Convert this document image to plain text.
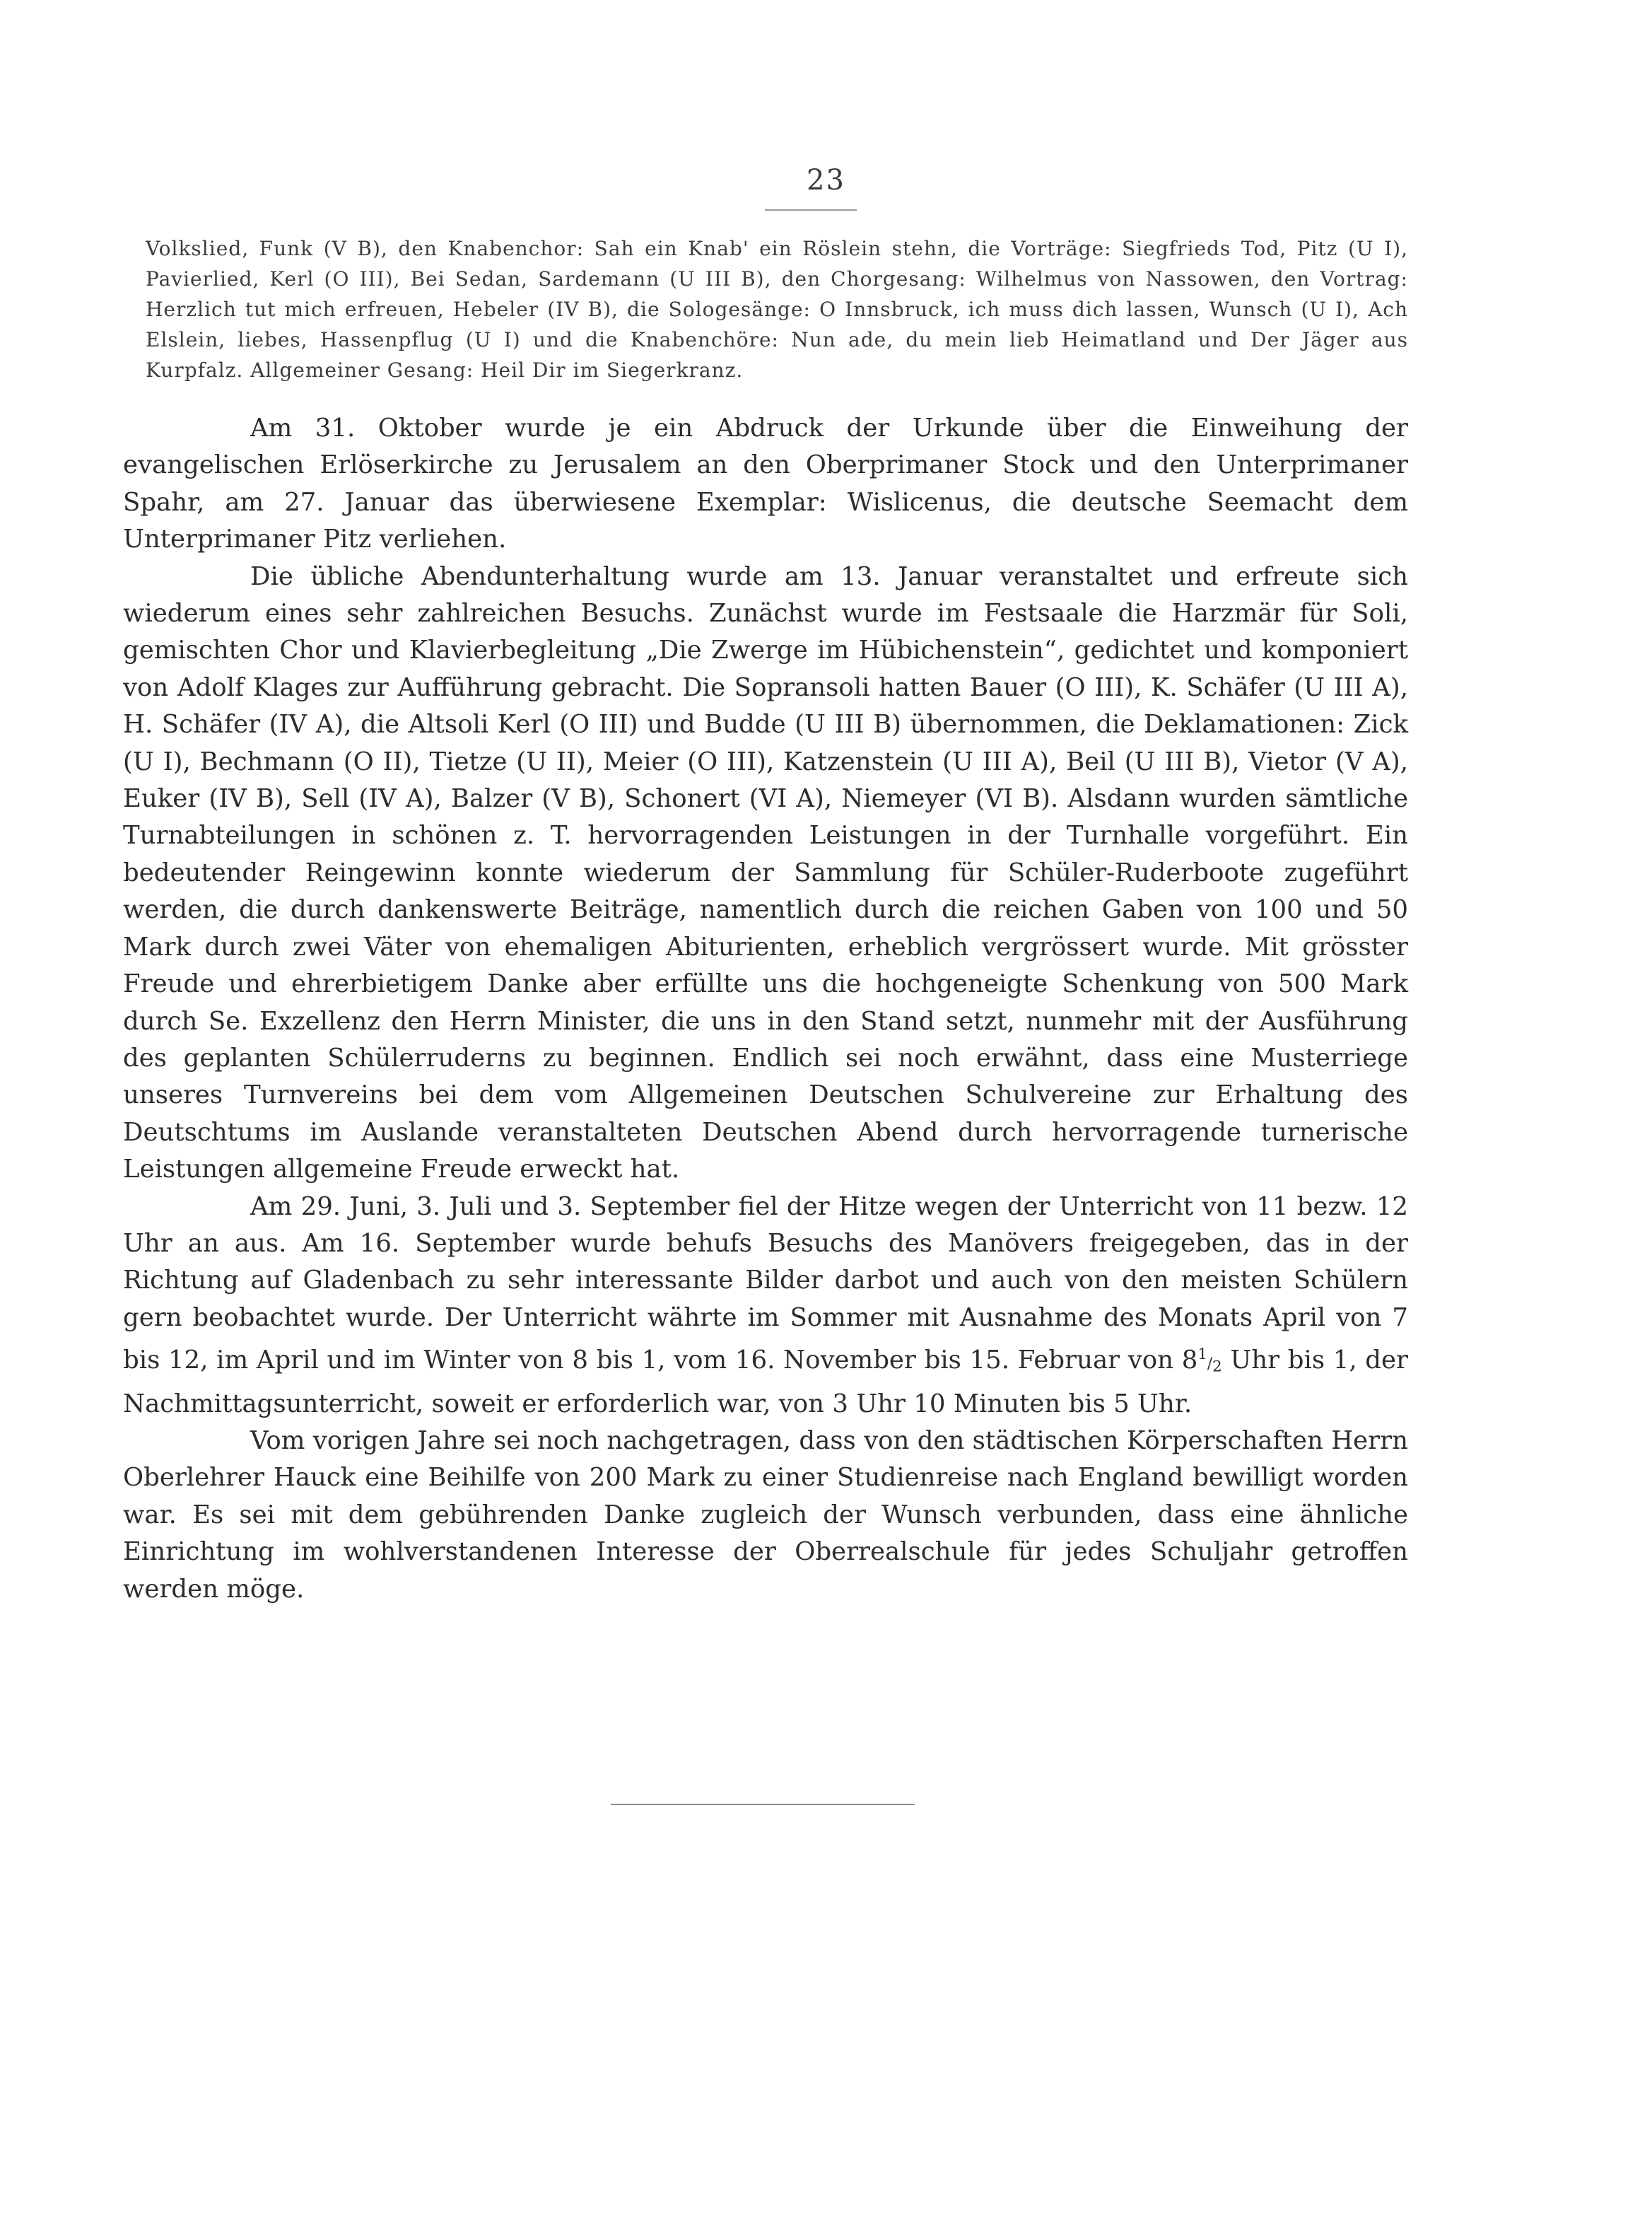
23
Volkslied, Funk (V B), den Knabenchor: Sah ein Knab' ein Röslein stehn, die Vorträge: Siegfrieds Tod, Pitz (U I), Pavierlied, Kerl (O III), Bei Sedan, Sardemann (U III B), den Chorgesang: Wilhelmus von Nassowen, den Vortrag: Herzlich tut mich erfreuen, Hebeler (IV B), die Sologesänge: O Innsbruck, ich muss dich lassen, Wunsch (U I), Ach Elslein, liebes, Hassenpflug (U I) und die Knabenchöre: Nun ade, du mein lieb Heimatland und Der Jäger aus Kurpfalz. Allgemeiner Gesang: Heil Dir im Siegerkranz.

Am 31. Oktober wurde je ein Abdruck der Urkunde über die Einweihung der evangelischen Erlöserkirche zu Jerusalem an den Oberprimaner Stock und den Unterprimaner Spahr, am 27. Januar das überwiesene Exemplar: Wislicenus, die deutsche Seemacht dem Unterprimaner Pitz verliehen.

Die übliche Abendunterhaltung wurde am 13. Januar veranstaltet und erfreute sich wiederum eines sehr zahlreichen Besuchs. Zunächst wurde im Festsaale die Harzmär für Soli, gemischten Chor und Klavierbegleitung „Die Zwerge im Hübichenstein“, gedichtet und komponiert von Adolf Klages zur Aufführung gebracht. Die Sopransoli hatten Bauer (O III), K. Schäfer (U III A), H. Schäfer (IV A), die Altsoli Kerl (O III) und Budde (U III B) übernommen, die Deklamationen: Zick (U I), Bechmann (O II), Tietze (U II), Meier (O III), Katzenstein (U III A), Beil (U III B), Vietor (V A), Euker (IV B), Sell (IV A), Balzer (V B), Schonert (VI A), Niemeyer (VI B). Alsdann wurden sämtliche Turnabteilungen in schönen z. T. hervorragenden Leistungen in der Turnhalle vorgeführt. Ein bedeutender Reingewinn konnte wiederum der Sammlung für Schüler-Ruderboote zugeführt werden, die durch dankenswerte Beiträge, namentlich durch die reichen Gaben von 100 und 50 Mark durch zwei Väter von ehemaligen Abiturienten, erheblich vergrössert wurde. Mit grösster Freude und ehrerbietigem Danke aber erfüllte uns die hochgeneigte Schenkung von 500 Mark durch Se. Exzellenz den Herrn Minister, die uns in den Stand setzt, nunmehr mit der Ausführung des geplanten Schülerruderns zu beginnen. Endlich sei noch erwähnt, dass eine Musterriege unseres Turnvereins bei dem vom Allgemeinen Deutschen Schulvereine zur Erhaltung des Deutschtums im Auslande veranstalteten Deutschen Abend durch hervorragende turnerische Leistungen allgemeine Freude erweckt hat.

Am 29. Juni, 3. Juli und 3. September fiel der Hitze wegen der Unterricht von 11 bezw. 12 Uhr an aus. Am 16. September wurde behufs Besuchs des Manövers freigegeben, das in der Richtung auf Gladenbach zu sehr interessante Bilder darbot und auch von den meisten Schülern gern beobachtet wurde. Der Unterricht währte im Sommer mit Ausnahme des Monats April von 7 bis 12, im April und im Winter von 8 bis 1, vom 16. November bis 15. Februar von 81/2 Uhr bis 1, der Nachmittagsunterricht, soweit er erforderlich war, von 3 Uhr 10 Minuten bis 5 Uhr.

Vom vorigen Jahre sei noch nachgetragen, dass von den städtischen Körperschaften Herrn Oberlehrer Hauck eine Beihilfe von 200 Mark zu einer Studienreise nach England bewilligt worden war. Es sei mit dem gebührenden Danke zugleich der Wunsch verbunden, dass eine ähnliche Einrichtung im wohlverstandenen Interesse der Oberrealschule für jedes Schuljahr getroffen werden möge.
